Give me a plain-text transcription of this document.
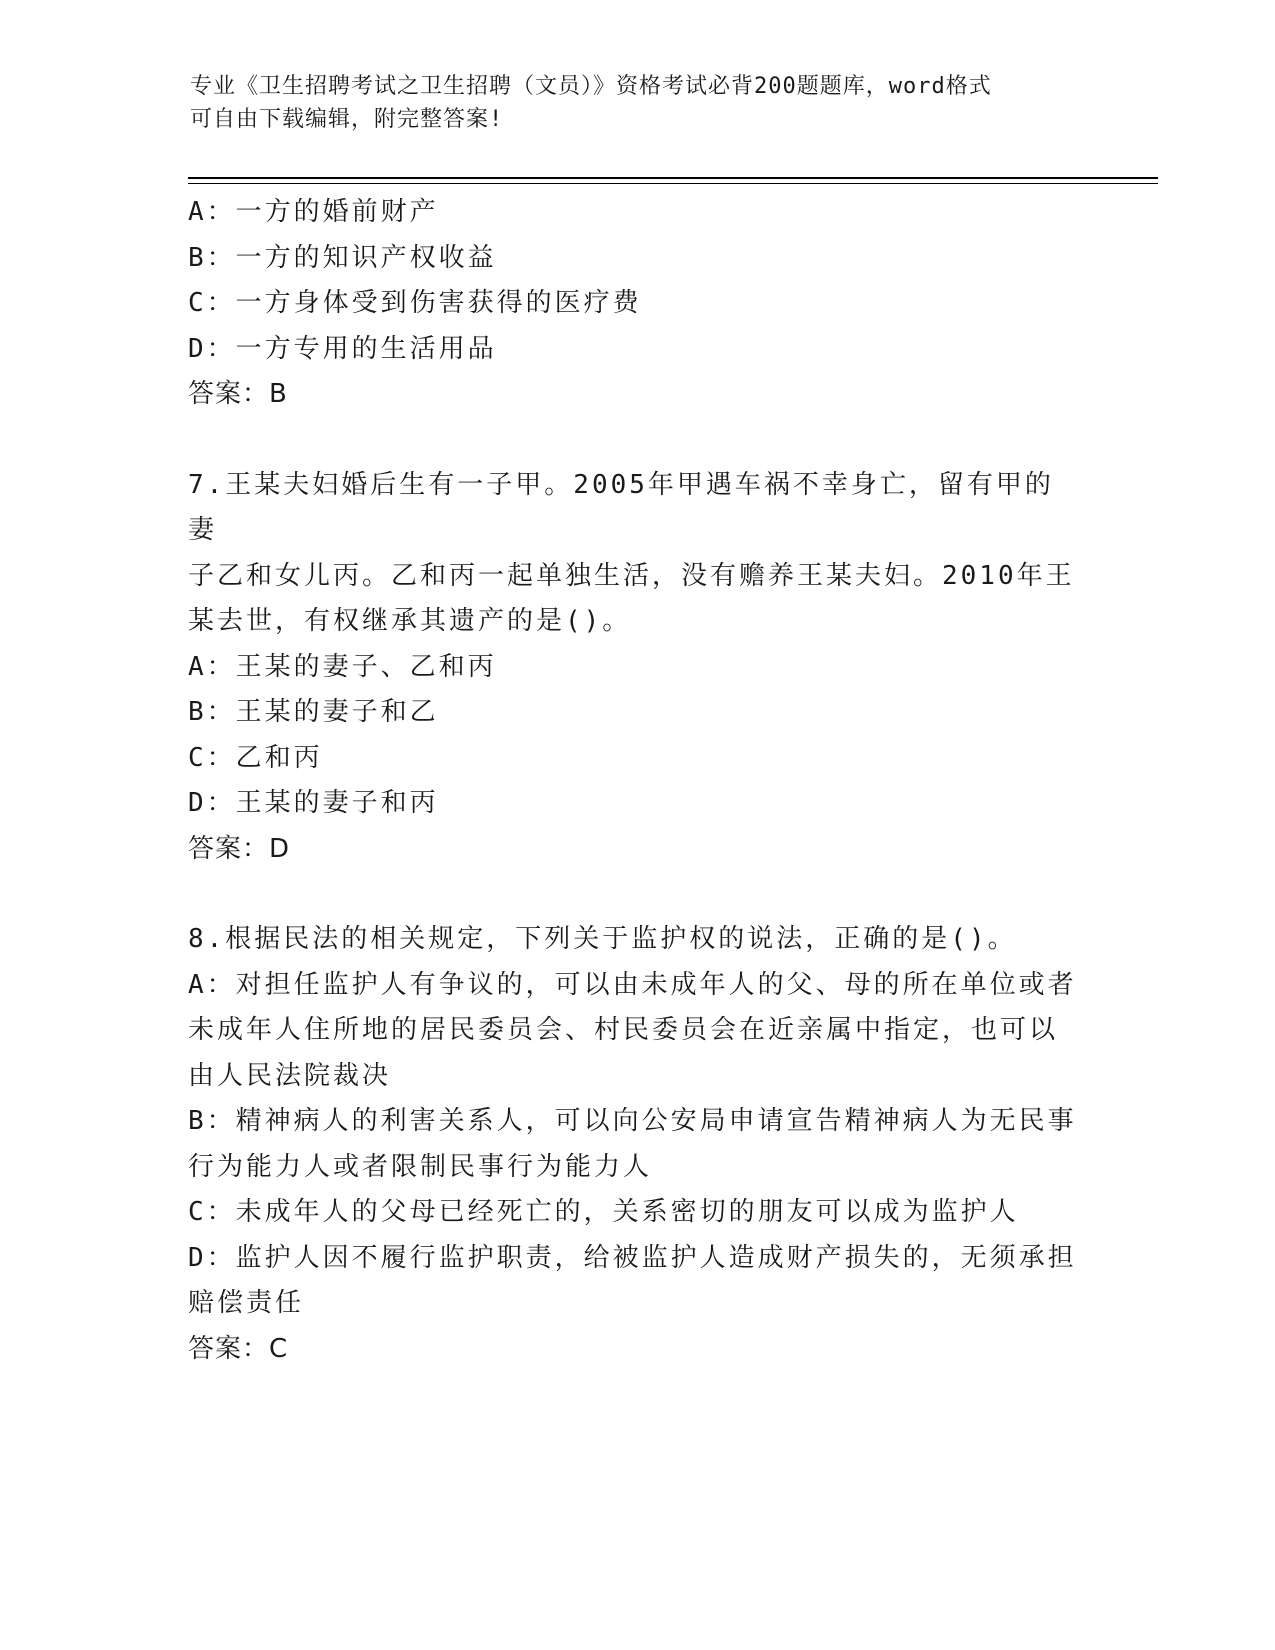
专业《卫生招聘考试之卫生招聘（文员）》资格考试必背200题题库，word格式
可自由下载编辑，附完整答案!

A：一方的婚前财产

B：一方的知识产权收益

C：一方身体受到伤害获得的医疗费

D：一方专用的生活用品

答案：B

7.王某夫妇婚后生有一子甲。2005年甲遇车祸不幸身亡，留有甲的妻

子乙和女儿丙。乙和丙一起单独生活，没有赡养王某夫妇。2010年王

某去世，有权继承其遗产的是()。

A：王某的妻子、乙和丙

B：王某的妻子和乙

C：乙和丙

D：王某的妻子和丙

答案：D

8.根据民法的相关规定，下列关于监护权的说法，正确的是()。

A：对担任监护人有争议的，可以由未成年人的父、母的所在单位或者

未成年人住所地的居民委员会、村民委员会在近亲属中指定，也可以

由人民法院裁决

B：精神病人的利害关系人，可以向公安局申请宣告精神病人为无民事

行为能力人或者限制民事行为能力人

C：未成年人的父母已经死亡的，关系密切的朋友可以成为监护人

D：监护人因不履行监护职责，给被监护人造成财产损失的，无须承担

赔偿责任

答案：C
